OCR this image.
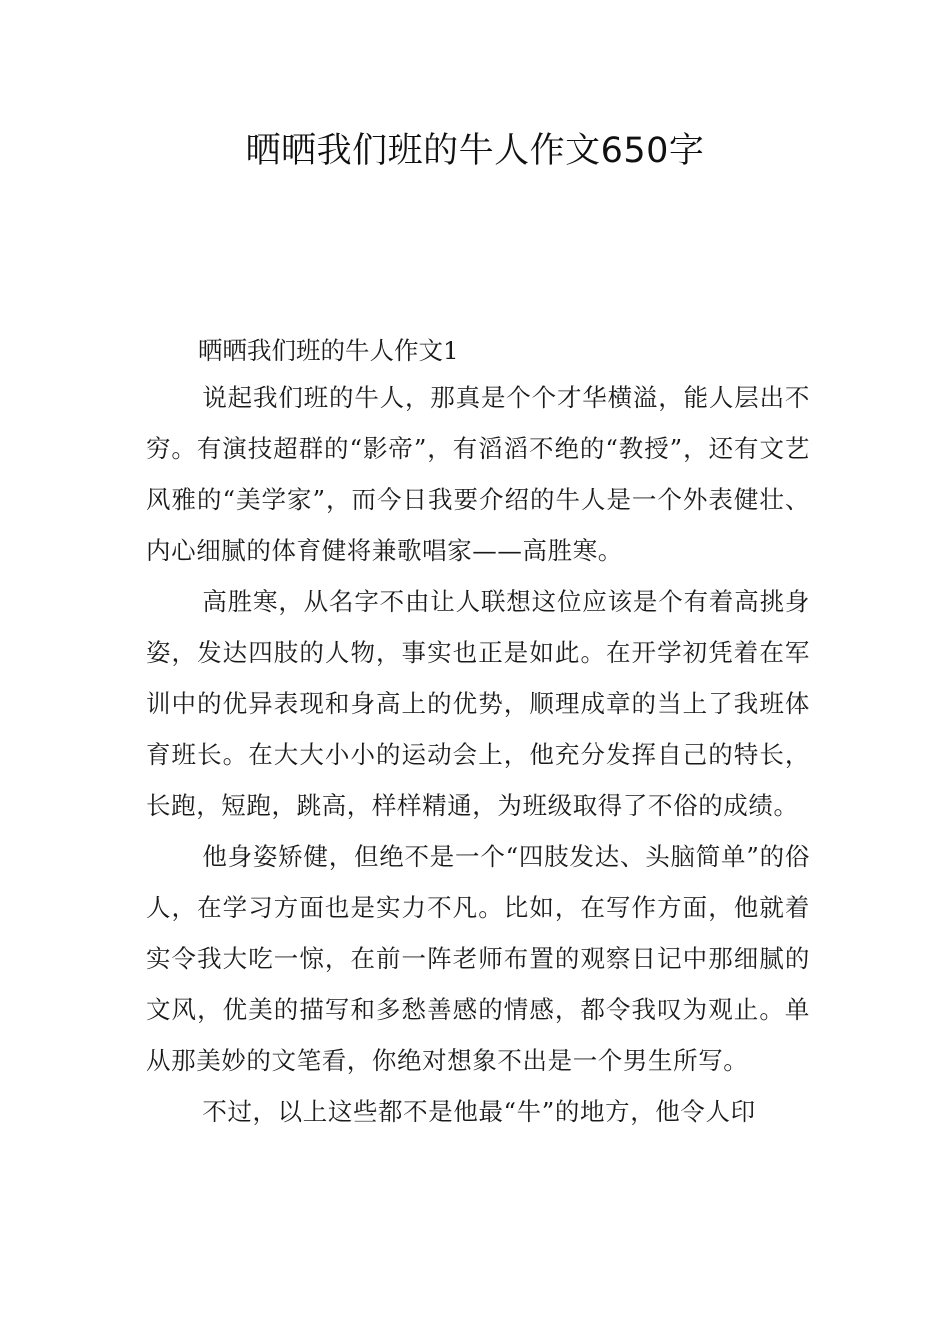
晒晒我们班的牛人作文650字
晒晒我们班的牛人作文1

说起我们班的牛人，那真是个个才华横溢，能人层出不穷。有演技超群的“影帝”，有滔滔不绝的“教授”，还有文艺风雅的“美学家”，而今日我要介绍的牛人是一个外表健壮、内心细腻的体育健将兼歌唱家——高胜寒。

高胜寒，从名字不由让人联想这位应该是个有着高挑身姿，发达四肢的人物，事实也正是如此。在开学初凭着在军训中的优异表现和身高上的优势，顺理成章的当上了我班体育班长。在大大小小的运动会上，他充分发挥自己的特长，长跑，短跑，跳高，样样精通，为班级取得了不俗的成绩。

他身姿矫健，但绝不是一个“四肢发达、头脑简单”的俗人，在学习方面也是实力不凡。比如，在写作方面，他就着实令我大吃一惊，在前一阵老师布置的观察日记中那细腻的文风，优美的描写和多愁善感的情感，都令我叹为观止。单从那美妙的文笔看，你绝对想象不出是一个男生所写。

不过，以上这些都不是他最“牛”的地方，他令人印
